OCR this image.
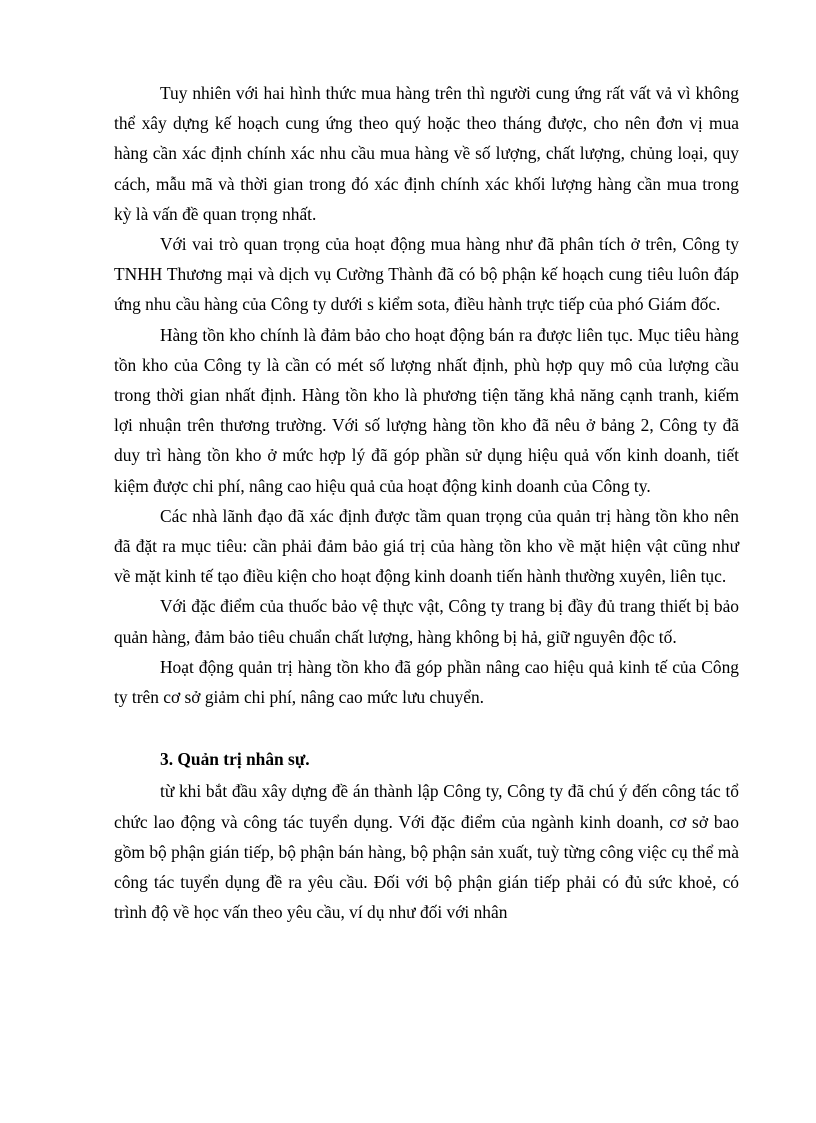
Tuy nhiên với hai hình thức mua hàng trên thì người cung ứng rất vất vả vì không thể xây dựng kế hoạch cung ứng theo quý hoặc theo tháng được, cho nên đơn vị mua hàng cần xác định chính xác nhu cầu mua hàng về số lượng, chất lượng, chủng loại, quy cách, mẫu mã và thời gian trong đó xác định chính xác khối lượng hàng cần mua trong kỳ là vấn đề quan trọng nhất.

Với vai trò quan trọng của hoạt động mua hàng như đã phân tích ở trên, Công ty TNHH Thương mại và dịch vụ Cường Thành đã có bộ phận kế hoạch cung tiêu luôn đáp ứng nhu cầu hàng của Công ty dưới s kiểm sota, điều hành trực tiếp của phó Giám đốc.

Hàng tồn kho chính là đảm bảo cho hoạt động bán ra được liên tục. Mục tiêu hàng tồn kho của Công ty là cần có mét số lượng nhất định, phù hợp quy mô của lượng cầu trong thời gian nhất định. Hàng tồn kho là phương tiện tăng khả năng cạnh tranh, kiếm lợi nhuận trên thương trường. Với số lượng hàng tồn kho đã nêu ở bảng 2, Công ty đã duy trì hàng tồn kho ở mức hợp lý đã góp phần sử dụng hiệu quả vốn kinh doanh, tiết kiệm được chi phí, nâng cao hiệu quả của hoạt động kinh doanh của Công ty.

Các nhà lãnh đạo đã xác định được tầm quan trọng của quản trị hàng tồn kho nên đã đặt ra mục tiêu: cần phải đảm bảo giá trị của hàng tồn kho về mặt hiện vật cũng như về mặt kinh tế tạo điều kiện cho hoạt động kinh doanh tiến hành thường xuyên, liên tục.

Với đặc điểm của thuốc bảo vệ thực vật, Công ty trang bị đầy đủ trang thiết bị bảo quản hàng, đảm bảo tiêu chuẩn chất lượng, hàng không bị hả, giữ nguyên độc tố.

Hoạt động quản trị hàng tồn kho đã góp phần nâng cao hiệu quả kinh tế của Công ty trên cơ sở giảm chi phí, nâng cao mức lưu chuyển.

3. Quản trị nhân sự.

từ khi bắt đầu xây dựng đề án thành lập Công ty, Công ty đã chú ý đến công tác tổ chức lao động và công tác tuyển dụng. Với đặc điểm của ngành kinh doanh, cơ sở bao gồm bộ phận gián tiếp, bộ phận bán hàng, bộ phận sản xuất, tuỳ từng công việc cụ thể mà công tác tuyển dụng đề ra yêu cầu. Đối với bộ phận gián tiếp phải có đủ sức khoẻ, có trình độ về học vấn theo yêu cầu, ví dụ như đối với nhân
